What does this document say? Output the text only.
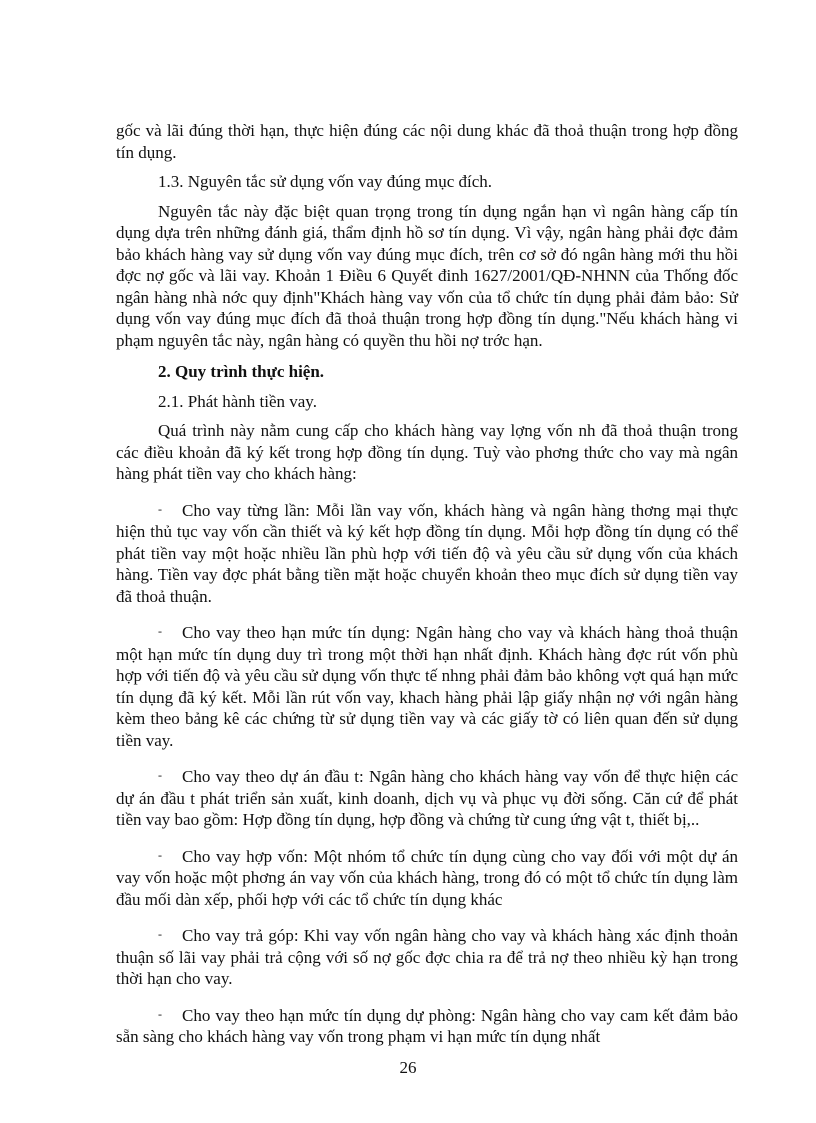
gốc và lãi đúng thời hạn, thực hiện đúng các nội dung khác đã thoả thuận trong hợp đồng tín dụng.

1.3. Nguyên tắc sử dụng vốn vay đúng mục đích.

Nguyên tắc này đặc biệt quan trọng trong tín dụng ngắn hạn vì ngân hàng cấp tín dụng dựa trên những đánh giá, thẩm định hồ sơ tín dụng. Vì vậy, ngân hàng phải đợc đảm bảo khách hàng vay sử dụng vốn vay đúng mục đích, trên cơ sở đó ngân hàng mới thu hồi đợc nợ gốc và lãi vay. Khoản 1 Điều 6 Quyết đinh 1627/2001/QĐ-NHNN của Thống đốc ngân hàng nhà nớc quy định"Khách hàng vay vốn của tổ chức tín dụng phải đảm bảo: Sử dụng vốn vay đúng mục đích đã thoả thuận trong hợp đồng tín dụng."Nếu khách hàng vi phạm nguyên tắc này, ngân hàng có quyền thu hồi nợ trớc hạn.

2. Quy trình thực hiện.

2.1. Phát hành tiền vay.

Quá trình này nằm cung cấp cho khách hàng vay lợng vốn nh đã thoả thuận trong các điều khoản đã ký kết trong hợp đồng tín dụng. Tuỳ vào phơng thức cho vay mà ngân hàng phát tiền vay cho khách hàng:

- Cho vay từng lần: Mỗi lần vay vốn, khách hàng và ngân hàng thơng mại thực hiện thủ tục vay vốn cần thiết và ký kết hợp đồng tín dụng. Mỗi hợp đồng tín dụng có thể phát tiền vay một hoặc nhiều lần phù hợp với tiến độ và yêu cầu sử dụng vốn của khách hàng. Tiền vay đợc phát bằng tiền mặt hoặc chuyển khoản theo mục đích sử dụng tiền vay đã thoả thuận.

- Cho vay theo hạn mức tín dụng: Ngân hàng cho vay và khách hàng thoả thuận một hạn mức tín dụng duy trì trong một thời hạn nhất định. Khách hàng đợc rút vốn phù hợp với tiến độ và yêu cầu sử dụng vốn thực tế nhng phải đảm bảo không vợt quá hạn mức tín dụng đã ký kết. Mỗi lần rút vốn vay, khach hàng phải lập giấy nhận nợ với ngân hàng kèm theo bảng kê các chứng từ sử dụng tiền vay và các giấy tờ có liên quan đến sử dụng tiền vay.

- Cho vay theo dự án đầu t: Ngân hàng cho khách hàng vay vốn để thực hiện các dự án đầu t phát triển sản xuất, kinh doanh, dịch vụ và phục vụ đời sống. Căn cứ để phát tiền vay bao gồm: Hợp đồng tín dụng, hợp đồng và chứng từ cung ứng vật t, thiết bị,..

- Cho vay hợp vốn: Một nhóm tổ chức tín dụng cùng cho vay đối với một dự án vay vốn hoặc một phơng án vay vốn của khách hàng, trong đó có một tổ chức tín dụng làm đầu mối dàn xếp, phối hợp với các tổ chức tín dụng khác

- Cho vay trả góp: Khi vay vốn ngân hàng cho vay và khách hàng xác định thoản thuận số lãi vay phải trả cộng với số nợ gốc đợc chia ra để trả nợ theo nhiều kỳ hạn trong thời hạn cho vay.

- Cho vay theo hạn mức tín dụng dự phòng: Ngân hàng cho vay cam kết đảm bảo sẵn sàng cho khách hàng vay vốn trong phạm vi hạn mức tín dụng nhất

26
